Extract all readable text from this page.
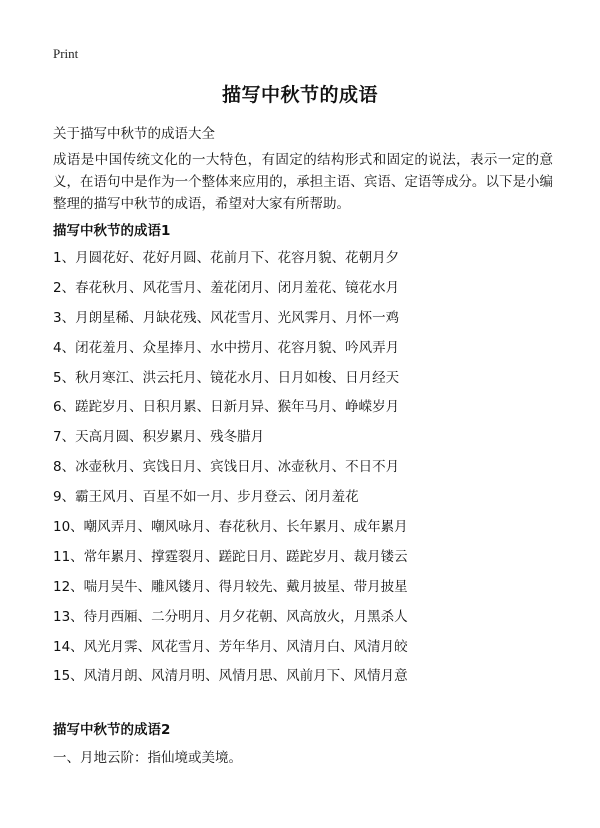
Print
描写中秋节的成语
关于描写中秋节的成语大全
成语是中国传统文化的一大特色，有固定的结构形式和固定的说法，表示一定的意义，在语句中是作为一个整体来应用的，承担主语、宾语、定语等成分。以下是小编整理的描写中秋节的成语，希望对大家有所帮助。
描写中秋节的成语1
1、月圆花好、花好月圆、花前月下、花容月貌、花朝月夕
2、春花秋月、风花雪月、羞花闭月、闭月羞花、镜花水月
3、月朗星稀、月缺花残、风花雪月、光风霁月、月怀一鸡
4、闭花羞月、众星捧月、水中捞月、花容月貌、吟风弄月
5、秋月寒江、洪云托月、镜花水月、日月如梭、日月经天
6、蹉跎岁月、日积月累、日新月异、猴年马月、峥嵘岁月
7、天高月圆、积岁累月、残冬腊月
8、冰壶秋月、宾饯日月、宾饯日月、冰壶秋月、不日不月
9、霸王风月、百星不如一月、步月登云、闭月羞花
10、嘲风弄月、嘲风咏月、春花秋月、长年累月、成年累月
11、常年累月、撑霆裂月、蹉跎日月、蹉跎岁月、裁月镂云
12、喘月吴牛、雕风镂月、得月较先、戴月披星、带月披星
13、待月西厢、二分明月、月夕花朝、风高放火，月黑杀人
14、风光月霁、风花雪月、芳年华月、风清月白、风清月皎
15、风清月朗、风清月明、风情月思、风前月下、风情月意
描写中秋节的成语2
一、月地云阶：指仙境或美境。
